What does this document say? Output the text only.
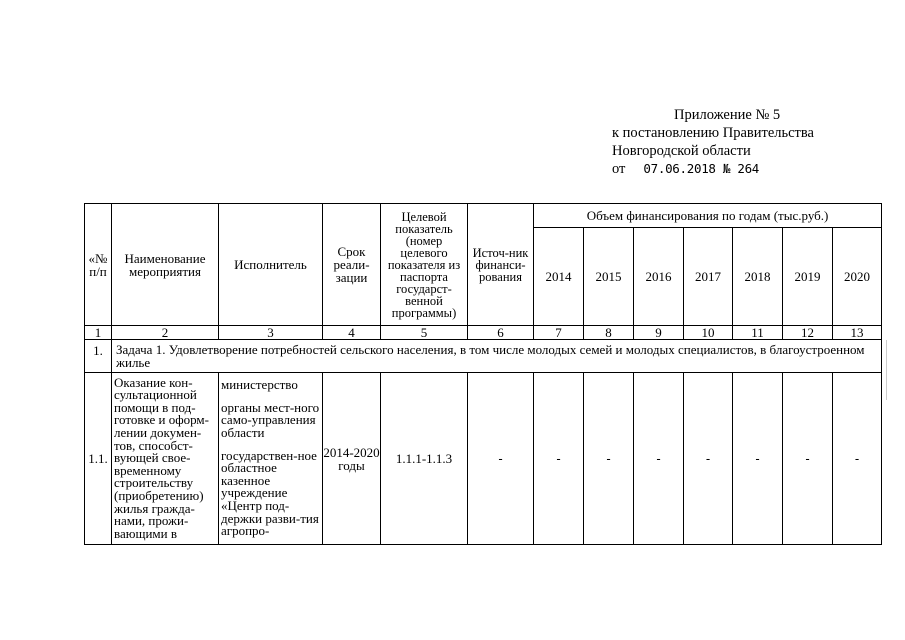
Приложение № 5
к постановлению Правительства
Новгородской области
от 07.06.2018 № 264
«№ п/п	Наименование мероприятия	Исполнитель	Срок реали-зации	Целевой показатель (номер целевого показателя из паспорта государст-венной программы)	Источ-ник финанси-рования	Объем финансирования по годам (тыс.руб.)						
						2014	2015	2016	2017	2018	2019	2020
1	2	3	4	5	6	7	8	9	10	11	12	13
1.	Задача 1. Удовлетворение потребностей сельского населения, в том числе молодых семей и молодых специалистов, в благоустроенном жилье											
1.1.	Оказание кон-сультационной помощи в под-готовке и оформ-лении докумен-тов, способст-вующей свое-временному строительству (приобретению) жилья гражда-нами, прожи-вающими в	министерство
органы мест-ного само-управления области
государствен-ное областное казенное учреждение «Центр под-держки разви-тия агропро-	2014-2020 годы	1.1.1-1.1.3	-	-	-	-	-	-	-	-
